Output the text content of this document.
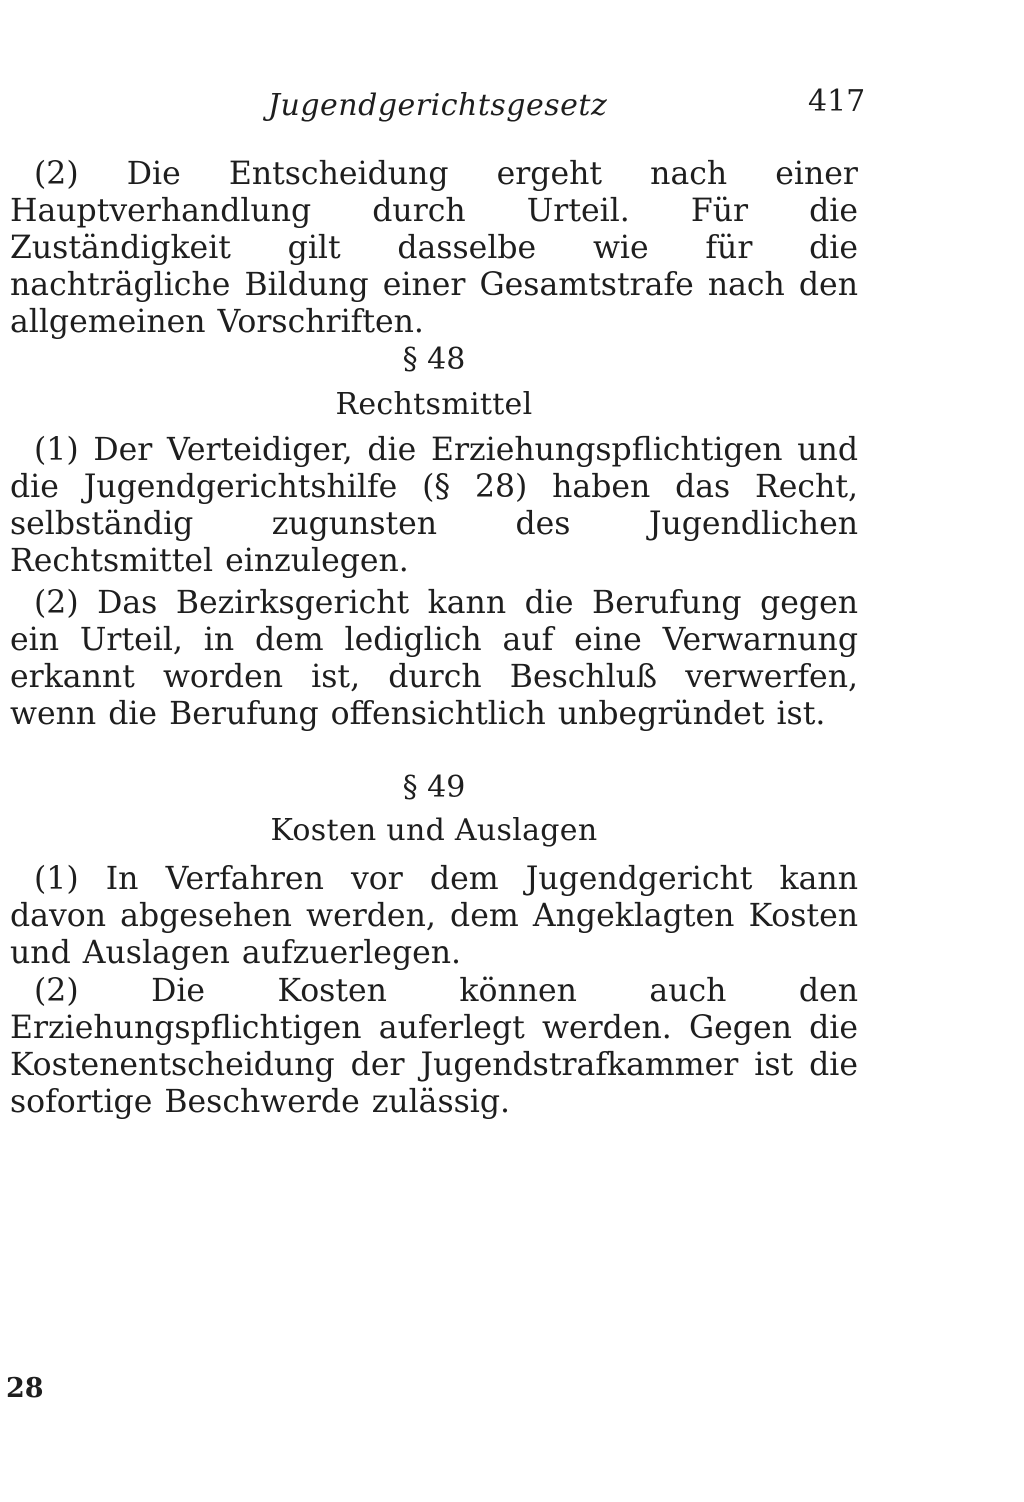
Jugendgerichtsgesetz	417

(2) Die Entscheidung ergeht nach einer Hauptverhandlung durch Urteil. Für die Zuständigkeit gilt dasselbe wie für die nachträgliche Bildung einer Gesamtstrafe nach den allgemeinen Vorschriften.

§ 48
Rechtsmittel

(1) Der Verteidiger, die Erziehungspflichtigen und die Jugendgerichtshilfe (§ 28) haben das Recht, selbständig zugunsten des Jugendlichen Rechtsmittel einzulegen.

(2) Das Bezirksgericht kann die Berufung gegen ein Urteil, in dem lediglich auf eine Verwarnung erkannt worden ist, durch Beschluß verwerfen, wenn die Berufung offensichtlich unbegründet ist.

§ 49
Kosten und Auslagen

(1) In Verfahren vor dem Jugendgericht kann davon abgesehen werden, dem Angeklagten Kosten und Auslagen aufzuerlegen.

(2) Die Kosten können auch den Erziehungspflichtigen auferlegt werden. Gegen die Kostenentscheidung der Jugendstrafkammer ist die sofortige Beschwerde zulässig.

28
